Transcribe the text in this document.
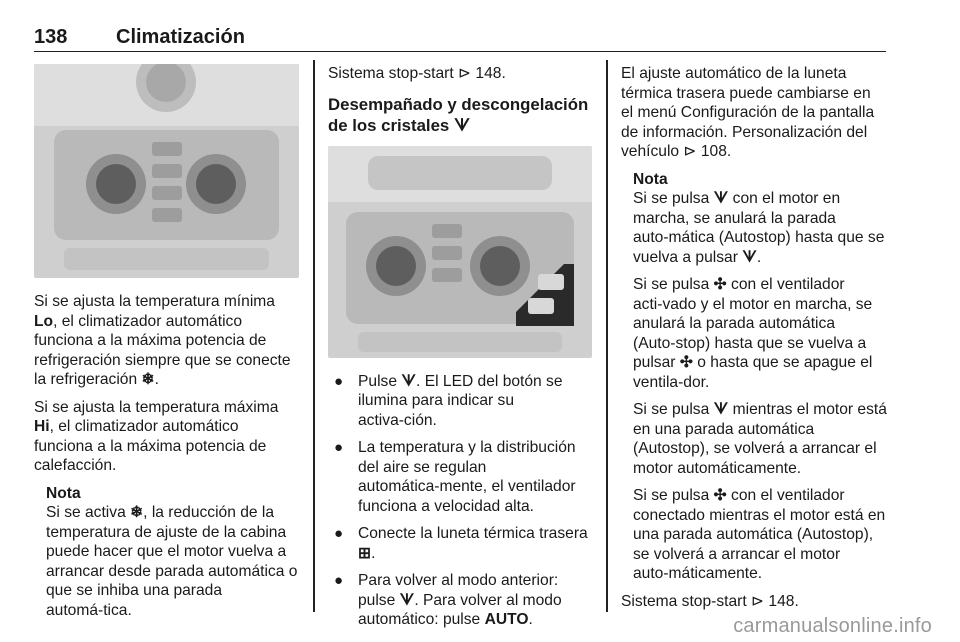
138 Climatización

Si se ajusta la temperatura mínima Lo, el climatizador automático funciona a la máxima potencia de refrigeración siempre que se conecte la refrigeración ❄.

Si se ajusta la temperatura máxima Hi, el climatizador automático funciona a la máxima potencia de calefacción.

Nota

Si se activa ❄, la reducción de la temperatura de ajuste de la cabina puede hacer que el motor vuelva a arrancar desde parada automática o que se inhiba una parada automá‑tica.

Sistema stop-start ⊳ 148.

Desempañado y descongelación de los cristales ᗐ
● Pulse ᗐ. El LED del botón se ilumina para indicar su activa‑ción.
● La temperatura y la distribución del aire se regulan automática‑mente, el ventilador funciona a velocidad alta.
● Conecte la luneta térmica trasera ⊞.
● Para volver al modo anterior: pulse ᗐ. Para volver al modo automático: pulse AUTO.

El ajuste automático de la luneta térmica trasera puede cambiarse en el menú Configuración de la pantalla de información. Personalización del vehículo ⊳ 108.

Nota

Si se pulsa ᗐ con el motor en marcha, se anulará la parada auto‑mática (Autostop) hasta que se vuelva a pulsar ᗐ.

Si se pulsa ✣ con el ventilador acti‑vado y el motor en marcha, se anulará la parada automática (Auto‑stop) hasta que se vuelva a pulsar ✣ o hasta que se apague el ventila‑dor.

Si se pulsa ᗐ mientras el motor está en una parada automática (Autostop), se volverá a arrancar el motor automáticamente.

Si se pulsa ✣ con el ventilador conectado mientras el motor está en una parada automática (Autostop), se volverá a arrancar el motor auto‑máticamente.

Sistema stop-start ⊳ 148.

carmanualsonline.info
